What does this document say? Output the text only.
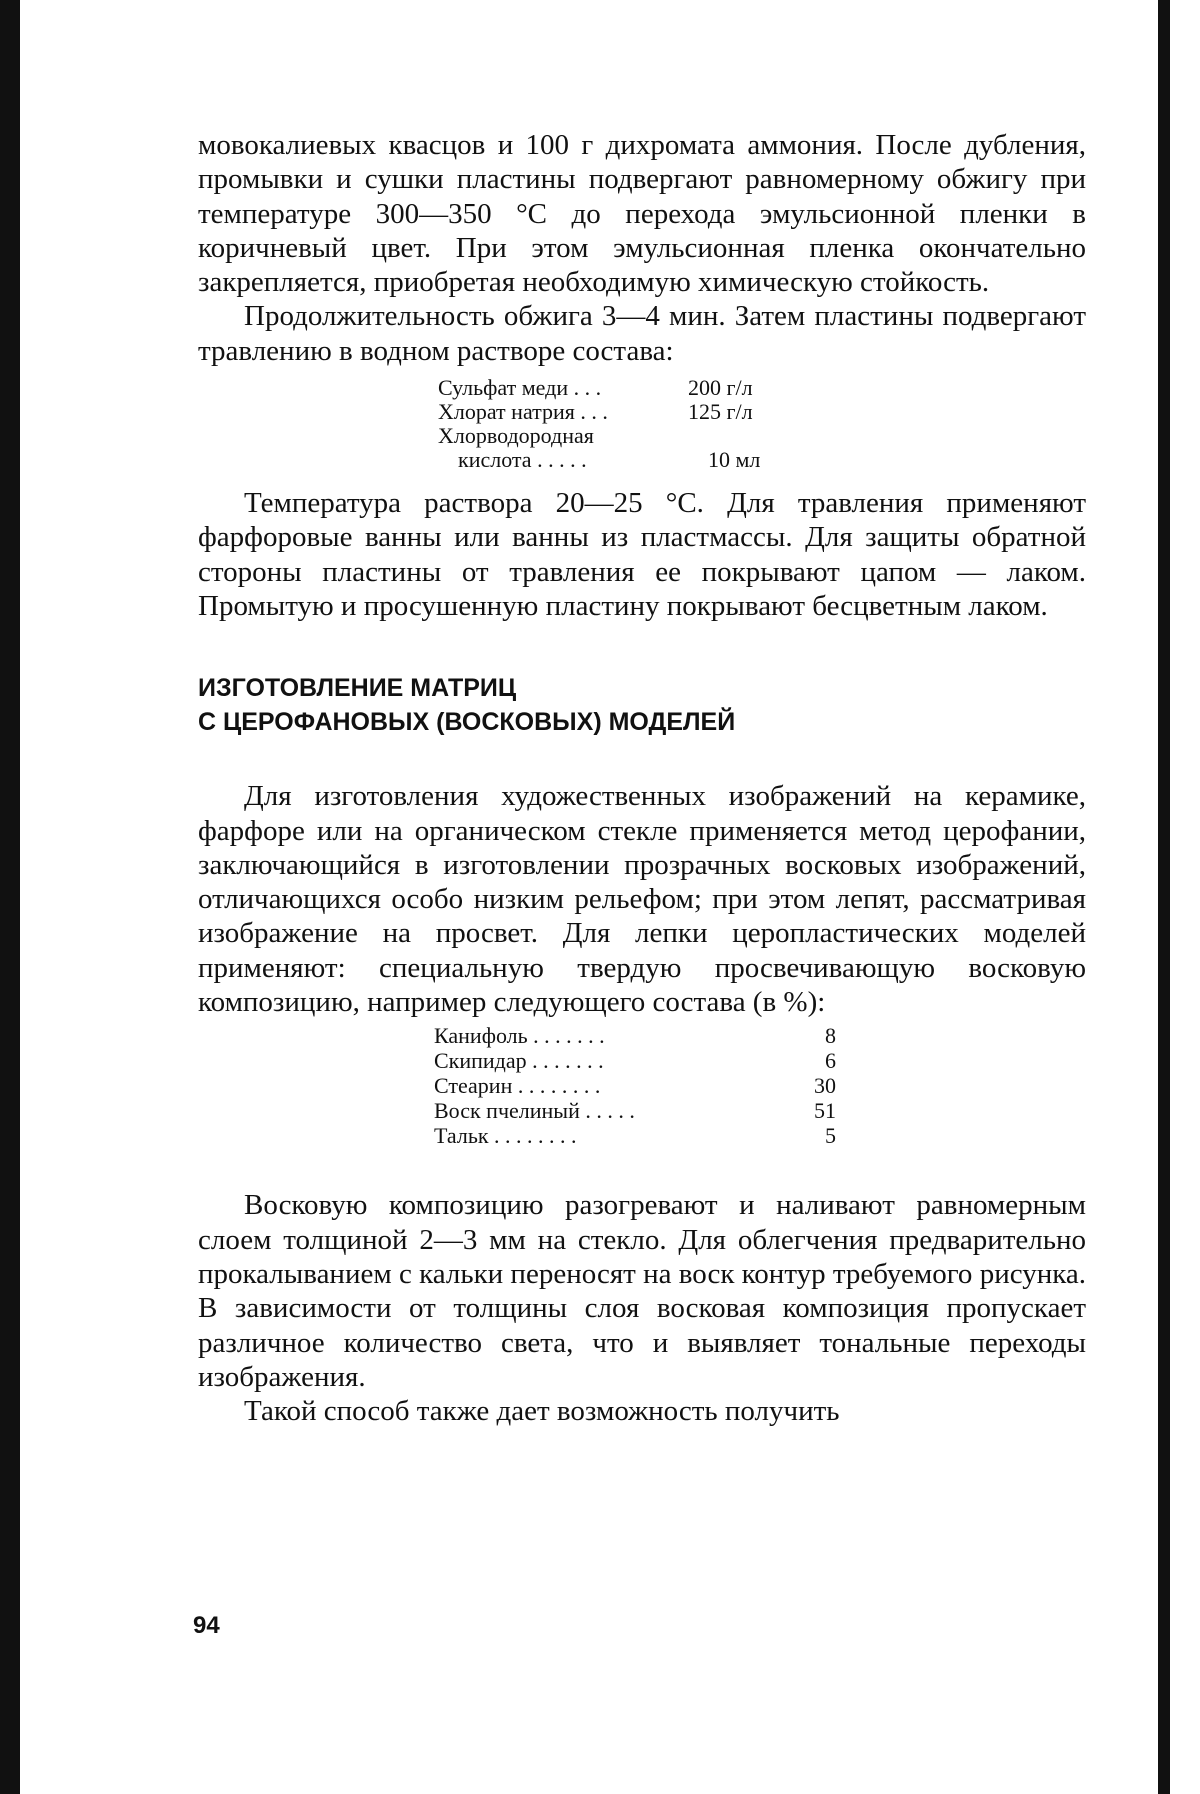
мовокалиевых квасцов и 100 г дихромата аммония. После дубления, промывки и сушки пластины подвергают равномерному обжигу при температуре 300—350 °С до перехода эмульсионной пленки в коричневый цвет. При этом эмульсионная пленка окончательно закрепляется, приобретая необходимую химическую стойкость.

Продолжительность обжига 3—4 мин. Затем пластины подвергают травлению в водном растворе состава:

Сульфат меди . . .	200 г/л
Хлорат натрия . . .	125 г/л
Хлорводородная
кислота . . . . .	10 мл

Температура раствора 20—25 °С. Для травления применяют фарфоровые ванны или ванны из пластмассы. Для защиты обратной стороны пластины от травления ее покрывают цапом — лаком. Промытую и просушенную пластину покрывают бесцветным лаком.

ИЗГОТОВЛЕНИЕ МАТРИЦ
С ЦЕРОФАНОВЫХ (ВОСКОВЫХ) МОДЕЛЕЙ

Для изготовления художественных изображений на керамике, фарфоре или на органическом стекле применяется метод церофании, заключающийся в изготовлении прозрачных восковых изображений, отличающихся особо низким рельефом; при этом лепят, рассматривая изображение на просвет. Для лепки церопластических моделей применяют: специальную твердую просвечивающую восковую композицию, например следующего состава (в %):

Канифоль . . . . . . .	8
Скипидар . . . . . . .	6
Стеарин . . . . . . . .	30
Воск пчелиный . . . . .	51
Тальк . . . . . . . .	5

Восковую композицию разогревают и наливают равномерным слоем толщиной 2—3 мм на стекло. Для облегчения предварительно прокалыванием с кальки переносят на воск контур требуемого рисунка. В зависимости от толщины слоя восковая композиция пропускает различное количество света, что и выявляет тональные переходы изображения.

Такой способ также дает возможность получить

94
